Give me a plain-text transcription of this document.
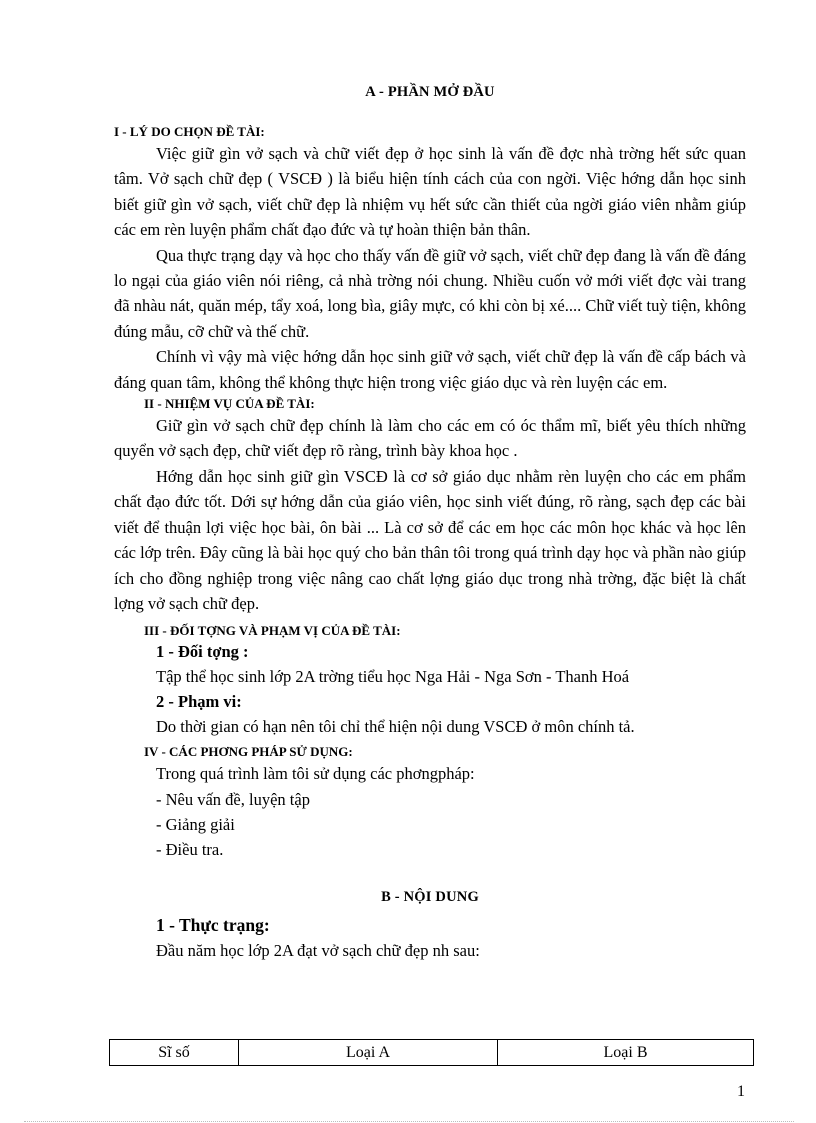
A - PHẦN MỞ ĐẦU
I - LÝ DO CHỌN ĐỀ TÀI:

Việc giữ gìn vở sạch và chữ viết đẹp ở học sinh là vấn đề đợc nhà trờng hết sức quan tâm. Vở sạch chữ đẹp ( VSCĐ ) là biểu hiện tính cách của con ngời. Việc hớng dẫn học sinh biết giữ gìn vở sạch, viết chữ đẹp là nhiệm vụ hết sức cần thiết của ngời giáo viên nhằm giúp các em rèn luyện phẩm chất đạo đức và tự hoàn thiện bản thân.

Qua thực trạng dạy và học cho thấy vấn đề giữ vở sạch, viết chữ đẹp đang là vấn đề đáng lo ngại của giáo viên nói riêng, cả nhà trờng nói chung. Nhiều cuốn vở mới viết đợc vài trang đã nhàu nát, quăn mép, tẩy xoá, long bìa, giây mực, có khi còn bị xé.... Chữ viết tuỳ tiện, không đúng mẫu, cỡ chữ và thế chữ.

Chính vì vậy mà việc hớng dẫn học sinh giữ vở sạch, viết chữ đẹp là vấn đề cấp bách và đáng quan tâm, không thể không thực hiện trong việc giáo dục và rèn luyện các em.

II - NHIỆM VỤ CỦA ĐỀ TÀI:

Giữ gìn vở sạch chữ đẹp chính là làm cho các em có óc thẩm mĩ, biết yêu thích những quyển vở sạch đẹp, chữ viết đẹp rõ ràng, trình bày khoa học .

Hớng dẫn học sinh giữ gìn VSCĐ là cơ sở giáo dục nhằm rèn luyện cho các em phẩm chất đạo đức tốt. Dới sự hớng dẫn của giáo viên, học sinh viết đúng, rõ ràng, sạch đẹp các bài viết để thuận lợi việc học bài, ôn bài ... Là cơ sở để các em học các môn học khác và học lên các lớp trên. Đây cũng là bài học quý cho bản thân tôi trong quá trình dạy học và phần nào giúp ích cho đồng nghiệp trong việc nâng cao chất lợng giáo dục trong nhà trờng, đặc biệt là chất lợng vở sạch chữ đẹp.

III - ĐỐI TỢNG VÀ PHẠM VỊ CỦA ĐỀ TÀI:
1 - Đối tợng :
Tập thể học sinh lớp 2A trờng tiểu học Nga Hải - Nga Sơn - Thanh Hoá
2 - Phạm vi:
Do thời gian có hạn nên tôi chỉ thể hiện nội dung VSCĐ ở môn chính tả.
IV - CÁC PHƠNG PHÁP SỬ DỤNG:
Trong quá trình làm tôi sử dụng các phơngpháp:
- Nêu vấn đề, luyện tập
- Giảng giải
- Điều tra.
B - NỘI DUNG
1 - Thực trạng:
Đầu năm học lớp 2A đạt vở sạch chữ đẹp nh sau:
Sĩ số	Loại A	Loại B
1
